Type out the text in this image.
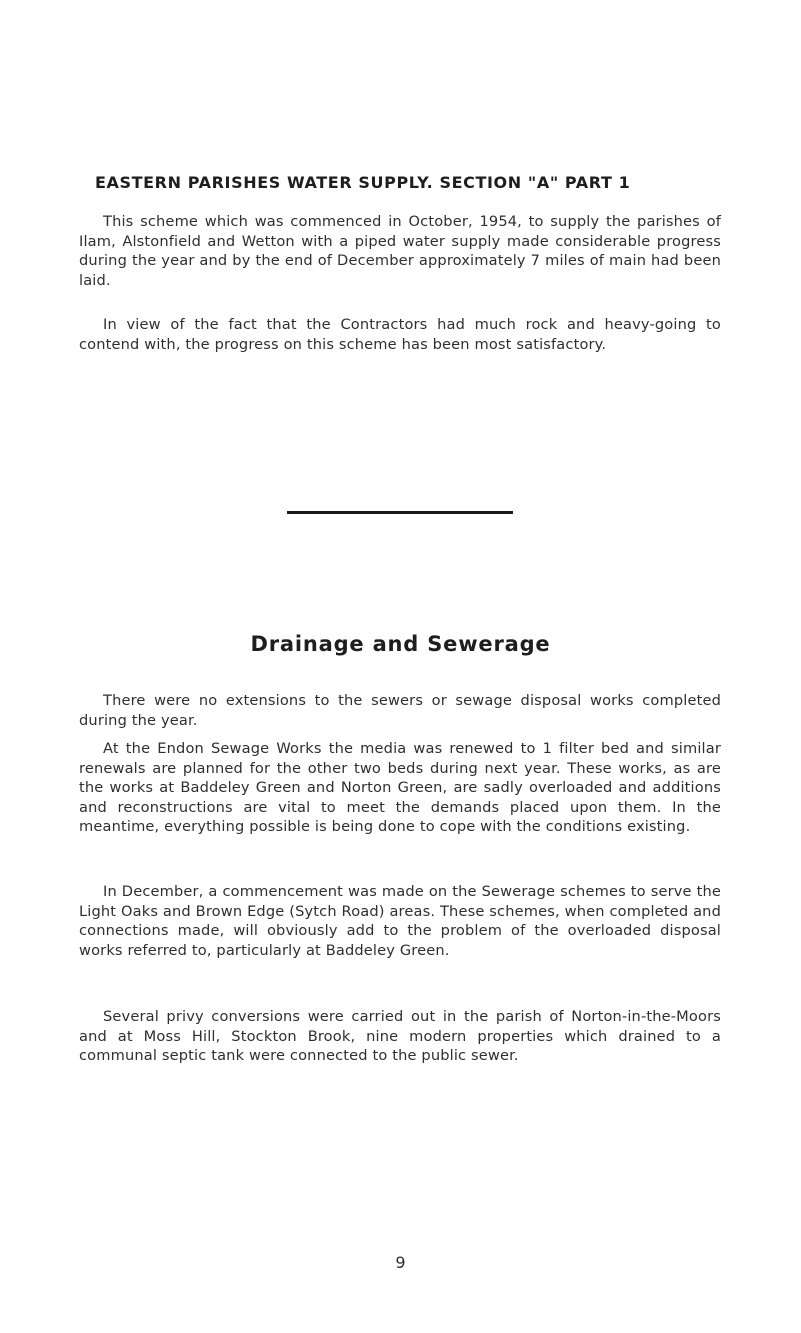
EASTERN PARISHES WATER SUPPLY. SECTION "A" PART 1

This scheme which was commenced in October, 1954, to supply the parishes of Ilam, Alstonfield and Wetton with a piped water supply made considerable progress during the year and by the end of December approximately 7 miles of main had been laid.

In view of the fact that the Contractors had much rock and heavy-going to contend with, the progress on this scheme has been most satisfactory.

Drainage and Sewerage

There were no extensions to the sewers or sewage disposal works completed during the year.

At the Endon Sewage Works the media was renewed to 1 filter bed and similar renewals are planned for the other two beds during next year. These works, as are the works at Baddeley Green and Norton Green, are sadly overloaded and additions and reconstructions are vital to meet the demands placed upon them. In the meantime, everything possible is being done to cope with the conditions existing.

In December, a commencement was made on the Sewerage schemes to serve the Light Oaks and Brown Edge (Sytch Road) areas. These schemes, when completed and connections made, will obviously add to the problem of the overloaded disposal works referred to, particularly at Baddeley Green.

Several privy conversions were carried out in the parish of Norton-in-the-Moors and at Moss Hill, Stockton Brook, nine modern properties which drained to a communal septic tank were connected to the public sewer.

9
